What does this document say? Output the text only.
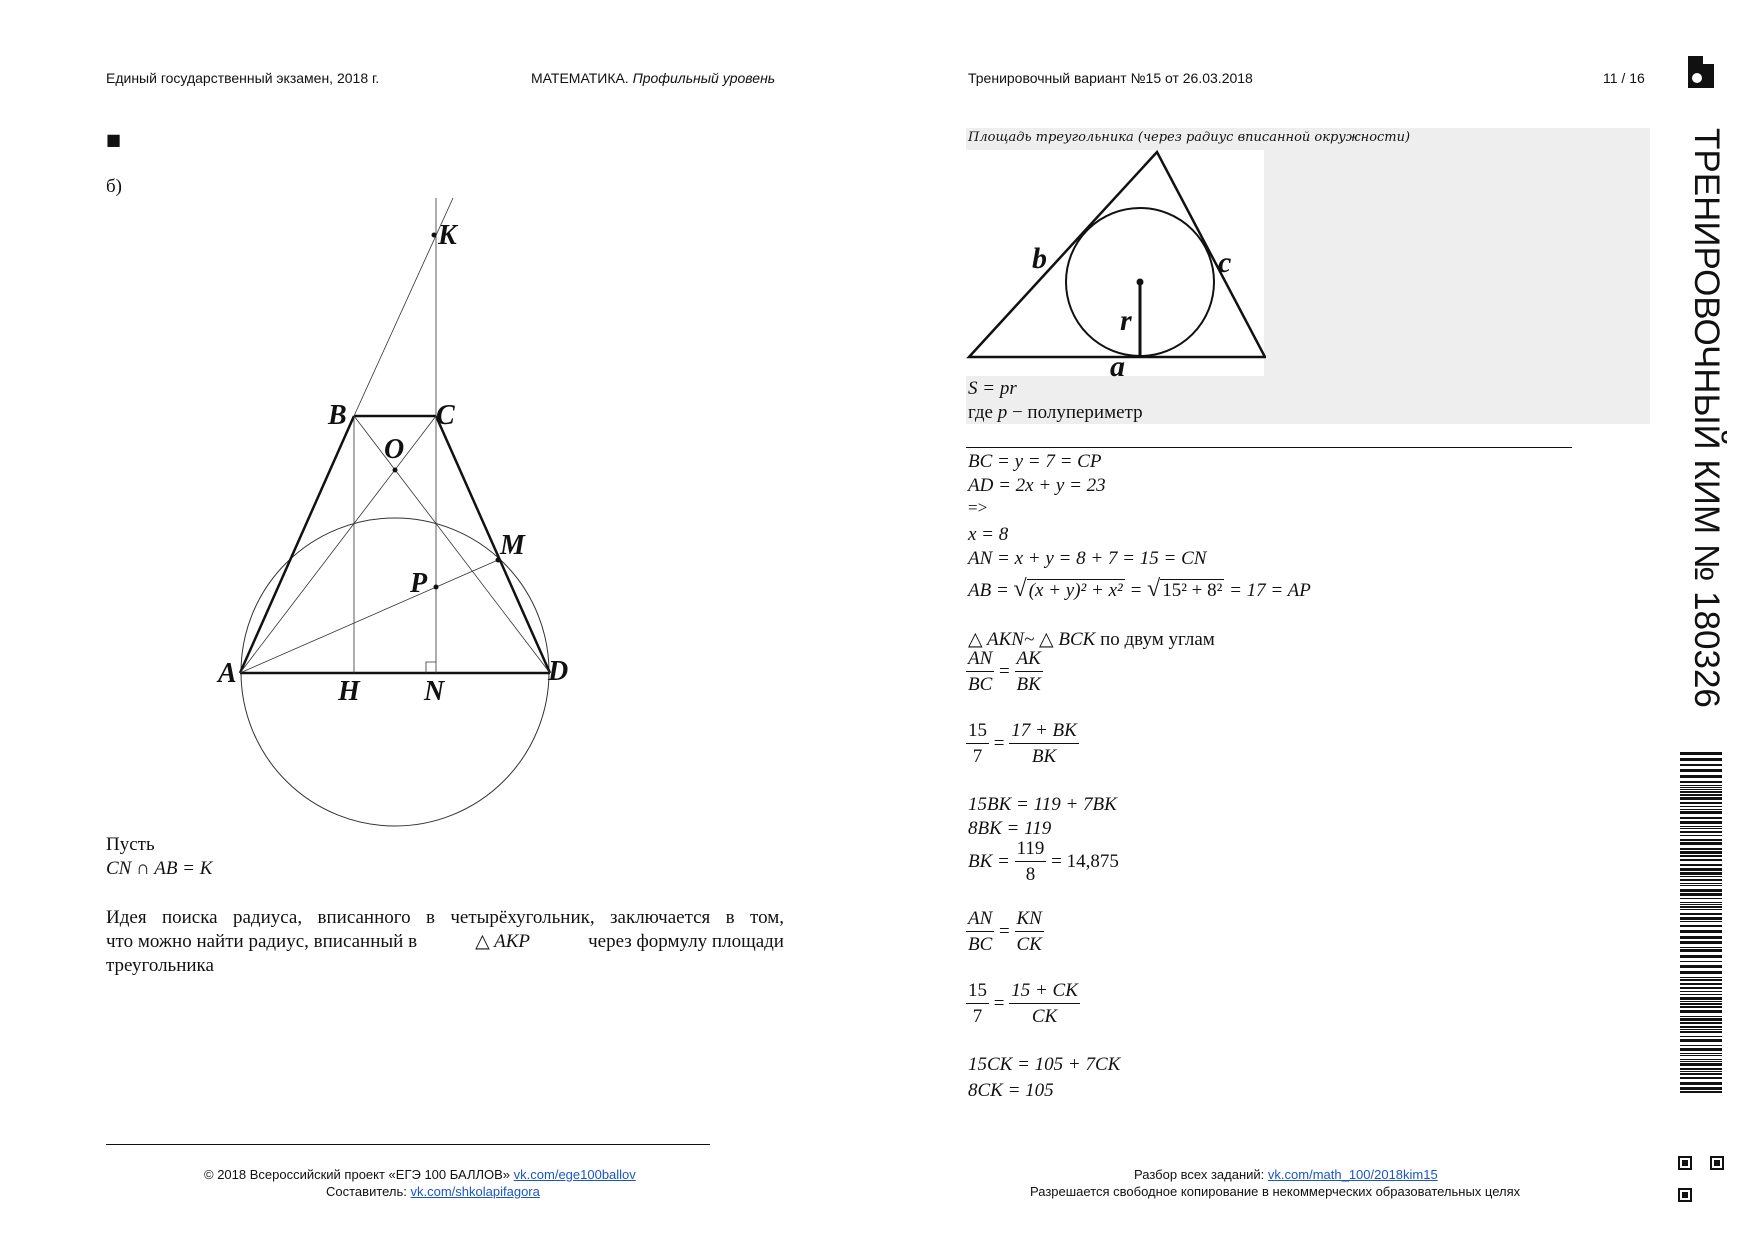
Единый государственный экзамен, 2018 г.	МАТЕМАТИКА. Профильный уровень	Тренировочный вариант №15 от 26.03.2018	11 / 16
ТРЕНИРОВОЧНЫЙ КИМ № 180326
■
б)
K
B	C
O
M
P
A
H N
D
Пусть
CN ∩ AB = K
Идея поиска радиуса, вписанного в четырёхугольник, заключается в том,
что можно найти радиус, вписанный в	△ AKP	через формулу площади
треугольника
© 2018 Всероссийский проект «ЕГЭ 100 БАЛЛОВ» vk.com/ege100ballov
Составитель: vk.com/shkolapifagora
b	c
r
a
Площадь треугольника (через радиус вписанной окружности)
S = pr
где p − полупериметр
BC = y = 7 = CP
AD = 2x + y = 23
=>
x = 8
AN = x + y = 8 + 7 = 15 = CN
AB = √ (x + y)² + x² = √ 15² + 8² = 17 = AP
△ AKN~ △ BCK по двум углам
$\frac{AN}{BC} = \frac{AK}{BK}$
$\frac{15}{7} = \frac{17 + BK}{BK}$
15BK = 119 + 7BK
8BK = 119
BK = $\frac{119}{8} = 14,875$
$\frac{AN}{BC} = \frac{KN}{CK}$
$\frac{15}{7} = \frac{15 + CK}{CK}$
15CK = 105 + 7CK
8CK = 105
Разбор всех заданий: vk.com/math_100/2018kim15
Разрешается свободное копирование в некоммерческих образовательных целях
